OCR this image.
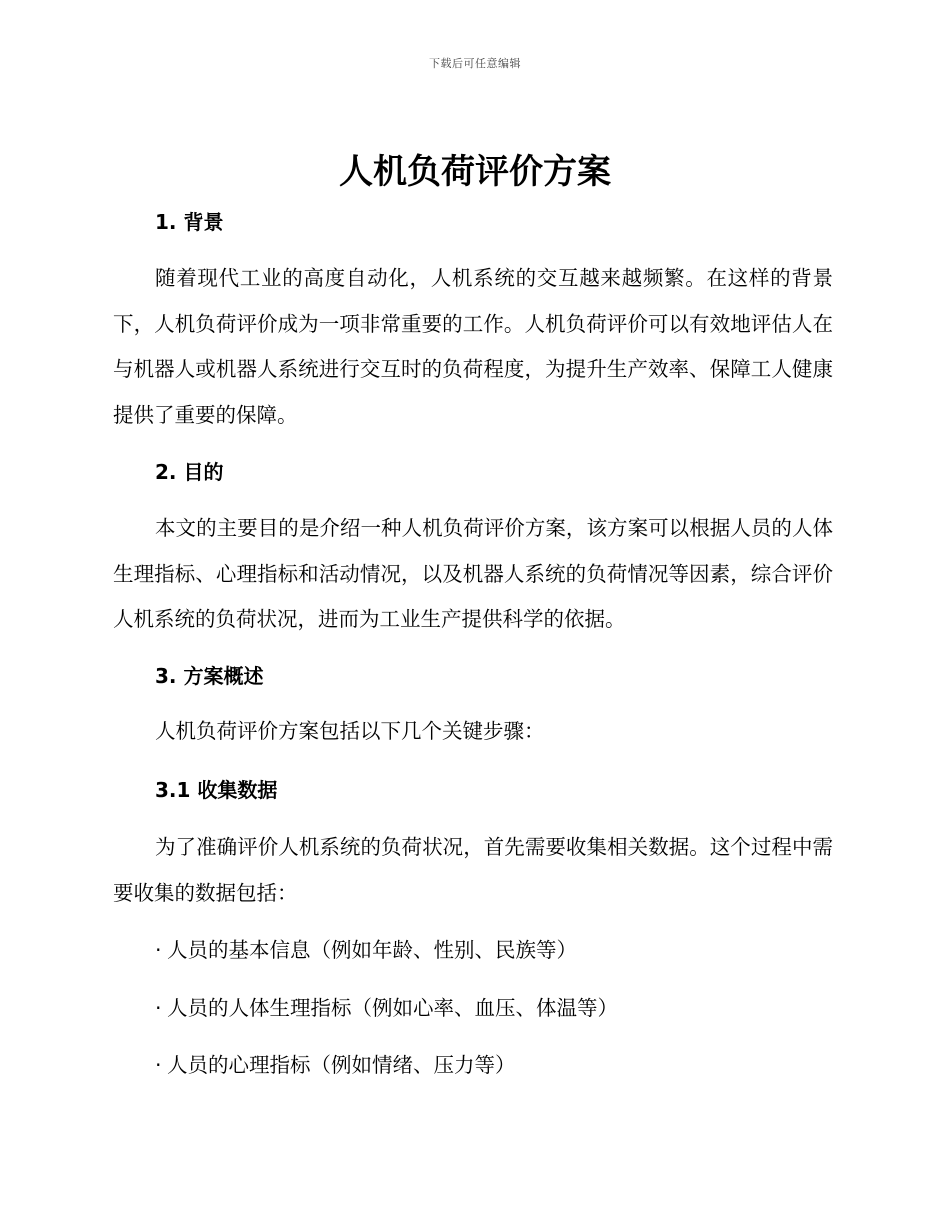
下载后可任意编辑
人机负荷评价方案
1. 背景

随着现代工业的高度自动化，人机系统的交互越来越频繁。在这样的背景下，人机负荷评价成为一项非常重要的工作。人机负荷评价可以有效地评估人在与机器人或机器人系统进行交互时的负荷程度，为提升生产效率、保障工人健康提供了重要的保障。

2. 目的

本文的主要目的是介绍一种人机负荷评价方案，该方案可以根据人员的人体生理指标、心理指标和活动情况，以及机器人系统的负荷情况等因素，综合评价人机系统的负荷状况，进而为工业生产提供科学的依据。

3. 方案概述

人机负荷评价方案包括以下几个关键步骤：

3.1 收集数据

为了准确评价人机系统的负荷状况，首先需要收集相关数据。这个过程中需要收集的数据包括：

· 人员的基本信息（例如年龄、性别、民族等）
· 人员的人体生理指标（例如心率、血压、体温等）
· 人员的心理指标（例如情绪、压力等）
